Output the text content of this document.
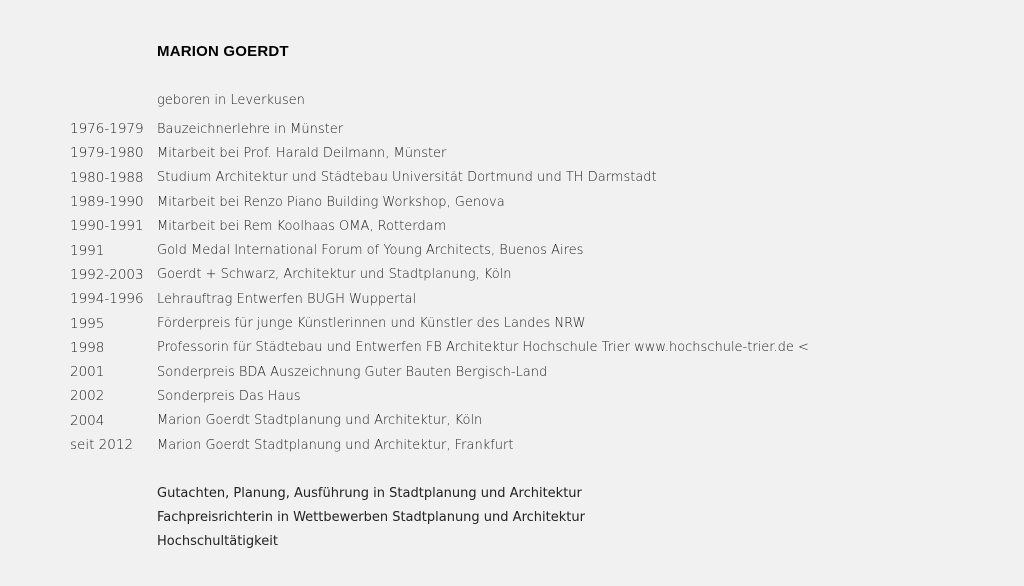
MARION GOERDT
geboren in Leverkusen
1976-1979	Bauzeichnerlehre in Münster
1979-1980	Mitarbeit bei Prof. Harald Deilmann, Münster
1980-1988	Studium Architektur und Städtebau Universität Dortmund und TH Darmstadt
1989-1990	Mitarbeit bei Renzo Piano Building Workshop, Genova
1990-1991	Mitarbeit bei Rem Koolhaas OMA, Rotterdam
1991	Gold Medal International Forum of Young Architects, Buenos Aires
1992-2003	Goerdt + Schwarz, Architektur und Stadtplanung, Köln
1994-1996	Lehrauftrag Entwerfen BUGH Wuppertal
1995	Förderpreis für junge Künstlerinnen und Künstler des Landes NRW
1998	Professorin für Städtebau und Entwerfen FB Architektur Hochschule Trier www.hochschule-trier.de <
2001	Sonderpreis BDA Auszeichnung Guter Bauten Bergisch-Land
2002	Sonderpreis Das Haus
2004	Marion Goerdt Stadtplanung und Architektur, Köln
seit 2012	Marion Goerdt Stadtplanung und Architektur, Frankfurt
Gutachten, Planung, Ausführung in Stadtplanung und Architektur
Fachpreisrichterin in Wettbewerben Stadtplanung und Architektur
Hochschultätigkeit
